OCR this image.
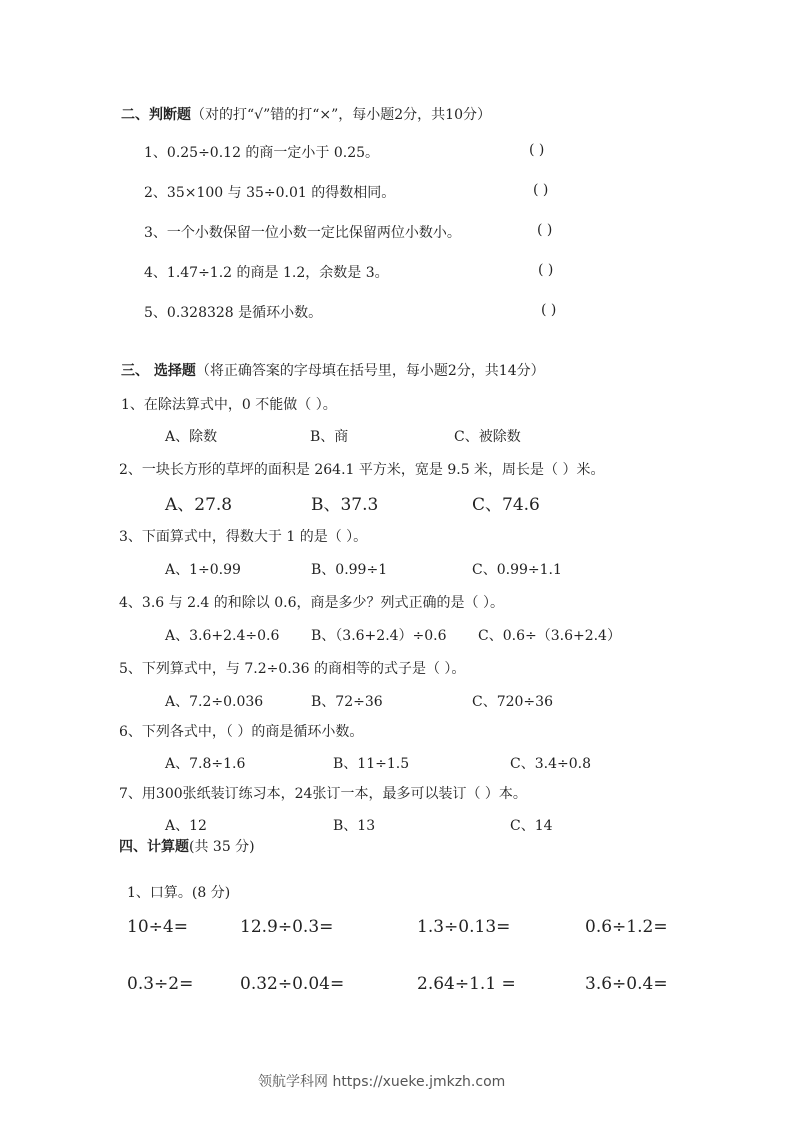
二、判断题（对的打“√”错的打“×”，每小题2分，共10分）
1、0.25÷0.12 的商一定小于 0.25。	( )
2、35×100 与 35÷0.01 的得数相同。	( )
3、一个小数保留一位小数一定比保留两位小数小。	( )
4、1.47÷1.2 的商是 1.2，余数是 3。	( )
5、0.328328 是循环小数。	( )
三、 选择题（将正确答案的字母填在括号里，每小题2分，共14分）
1、在除法算式中，0 不能做（ ）。
A、除数	B、商	C、被除数
2、一块长方形的草坪的面积是 264.1 平方米，宽是 9.5 米，周长是（ ）米。
A、27.8	B、37.3	C、74.6
3、下面算式中，得数大于 1 的是（ ）。
A、1÷0.99	B、0.99÷1	C、0.99÷1.1
4、3.6 与 2.4 的和除以 0.6，商是多少？列式正确的是（ ）。
A、3.6+2.4÷0.6 B、（3.6+2.4）÷0.6 C、0.6÷（3.6+2.4）
5、下列算式中，与 7.2÷0.36 的商相等的式子是（ ）。
A、7.2÷0.036	B、72÷36	C、720÷36
6、下列各式中，（ ）的商是循环小数。
A、7.8÷1.6	B、11÷1.5	C、3.4÷0.8
7、用300张纸装订练习本，24张订一本，最多可以装订（ ）本。
A、12	B、13	C、14
四、计算题(共 35 分)
1、口算。(8 分)
10÷4=	12.9÷0.3=	1.3÷0.13=	0.6÷1.2=
0.3÷2=	0.32÷0.04=	2.64÷1.1 =	3.6÷0.4=
领航学科网 https://xueke.jmkzh.com
